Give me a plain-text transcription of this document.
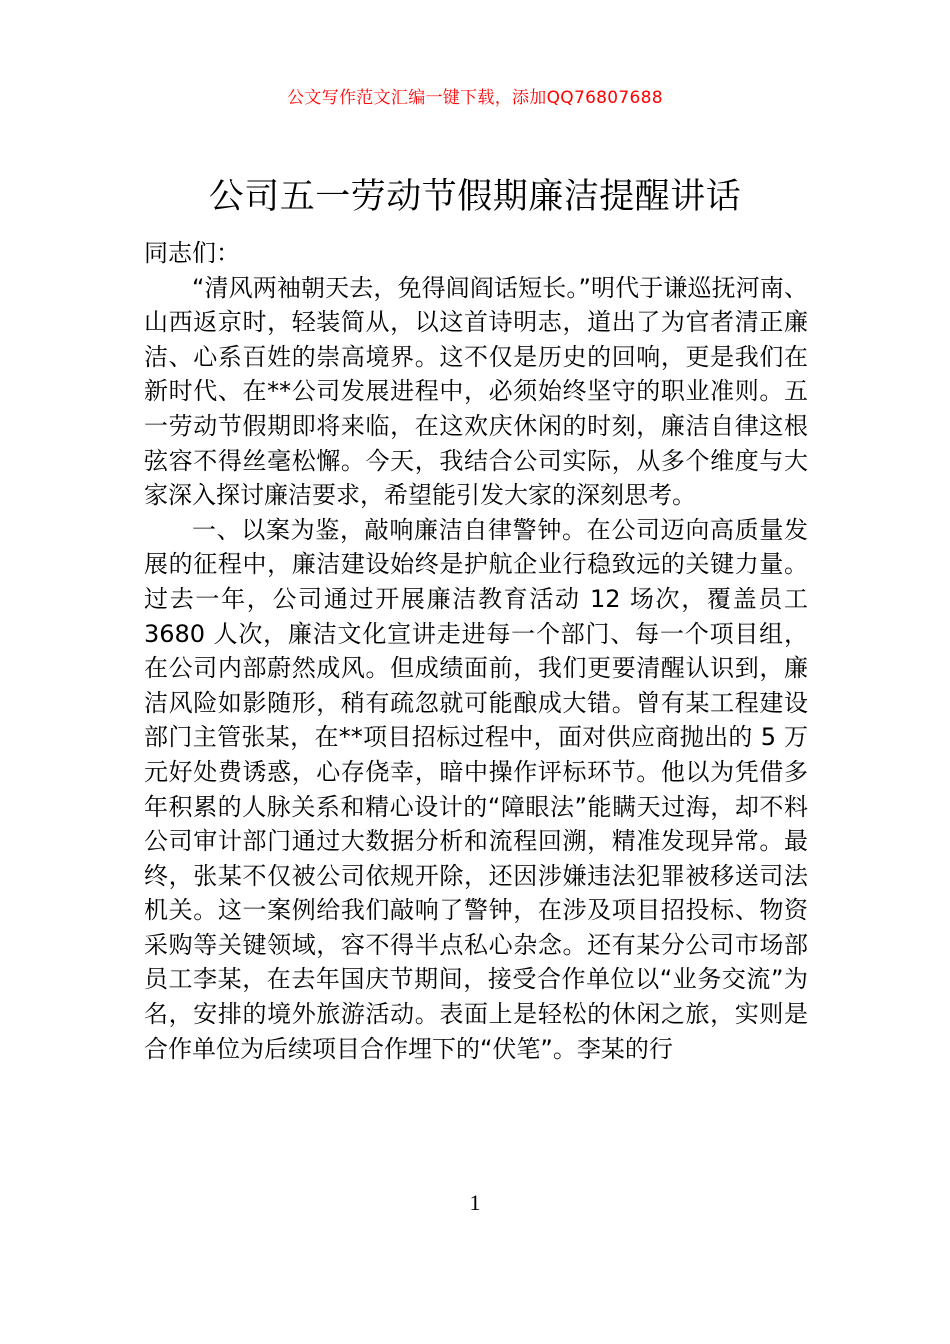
公文写作范文汇编一键下载，添加QQ76807688
公司五一劳动节假期廉洁提醒讲话

同志们：

“清风两袖朝天去，免得闾阎话短长。”明代于谦巡抚河南、山西返京时，轻装简从，以这首诗明志，道出了为官者清正廉洁、心系百姓的崇高境界。这不仅是历史的回响，更是我们在新时代、在**公司发展进程中，必须始终坚守的职业准则。五一劳动节假期即将来临，在这欢庆休闲的时刻，廉洁自律这根弦容不得丝毫松懈。今天，我结合公司实际，从多个维度与大家深入探讨廉洁要求，希望能引发大家的深刻思考。

一、以案为鉴，敲响廉洁自律警钟。在公司迈向高质量发展的征程中，廉洁建设始终是护航企业行稳致远的关键力量。过去一年，公司通过开展廉洁教育活动 12 场次，覆盖员工 3680 人次，廉洁文化宣讲走进每一个部门、每一个项目组，在公司内部蔚然成风。但成绩面前，我们更要清醒认识到，廉洁风险如影随形，稍有疏忽就可能酿成大错。曾有某工程建设部门主管张某，在**项目招标过程中，面对供应商抛出的 5 万元好处费诱惑，心存侥幸，暗中操作评标环节。他以为凭借多年积累的人脉关系和精心设计的“障眼法”能瞒天过海，却不料公司审计部门通过大数据分析和流程回溯，精准发现异常。最终，张某不仅被公司依规开除，还因涉嫌违法犯罪被移送司法机关。这一案例给我们敲响了警钟，在涉及项目招投标、物资采购等关键领域，容不得半点私心杂念。还有某分公司市场部员工李某，在去年国庆节期间，接受合作单位以“业务交流”为名，安排的境外旅游活动。表面上是轻松的休闲之旅，实则是合作单位为后续项目合作埋下的“伏笔”。李某的行

1
